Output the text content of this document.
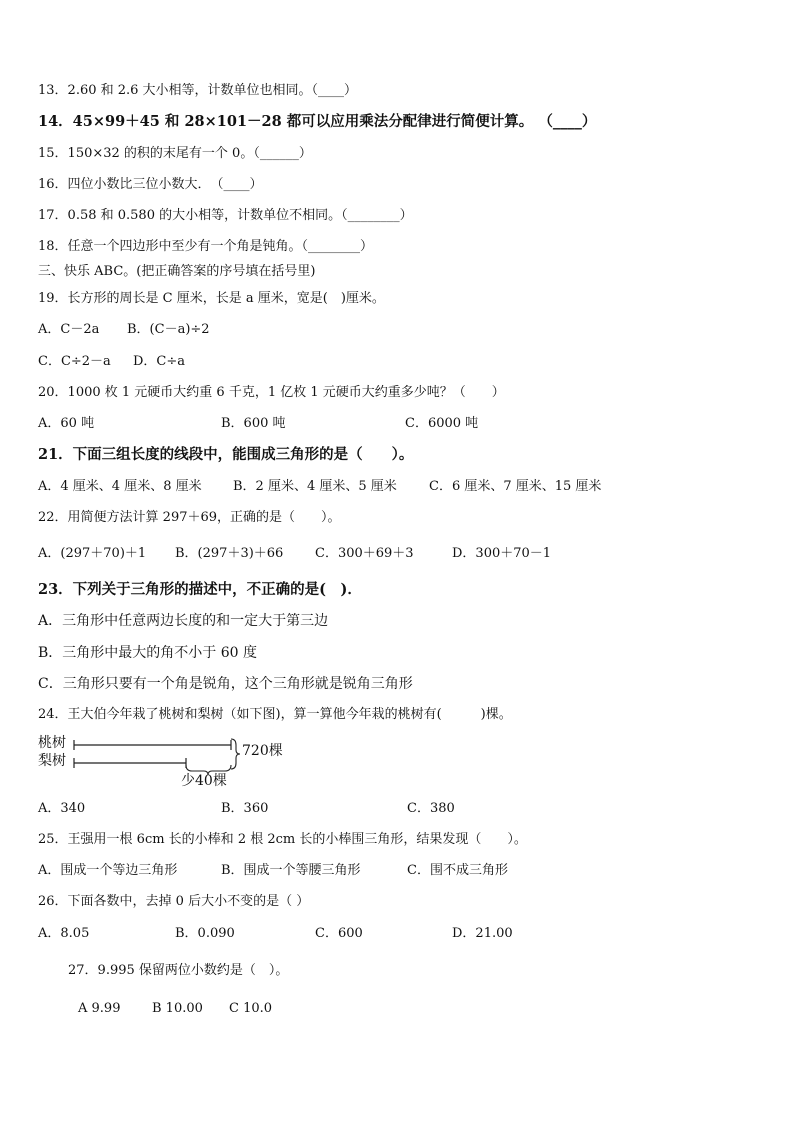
13．2.60 和 2.6 大小相等，计数单位也相同。（____）
14．45×99＋45 和 28×101－28 都可以应用乘法分配律进行简便计算。 （____）
15．150×32 的积的末尾有一个 0。（______）
16．四位小数比三位小数大．　（____）
17．0.58 和 0.580 的大小相等，计数单位不相同。（________）
18．任意一个四边形中至少有一个角是钝角。（________）
三、快乐 ABC。(把正确答案的序号填在括号里)
19．长方形的周长是 C 厘米，长是 a 厘米，宽是(　)厘米。
A．C－2a B．(C－a)÷2
C．C÷2－a D．C÷a
20．1000 枚 1 元硬币大约重 6 千克，1 亿枚 1 元硬币大约重多少吨？（　　）
A．60 吨	B．600 吨	C．6000 吨
21．下面三组长度的线段中，能围成三角形的是（　　）。
A．4 厘米、4 厘米、8 厘米 B．2 厘米、4 厘米、5 厘米 C．6 厘米、7 厘米、15 厘米
22．用简便方法计算 297＋69，正确的是（　　）。
A．(297＋70)＋1 B．(297＋3)＋66 C．300＋69＋3	D．300＋70－1
23．下列关于三角形的描述中，不正确的是(　)．
A．三角形中任意两边长度的和一定大于第三边
B．三角形中最大的角不小于 60 度
C．三角形只要有一个角是锐角，这个三角形就是锐角三角形
24．王大伯今年栽了桃树和梨树（如下图)，算一算他今年栽的桃树有(　　　)棵。
桃树
梨树
720棵
少40棵
A．340	B．360	C．380
25．王强用一根 6cm 长的小棒和 2 根 2cm 长的小棒围三角形，结果发现（　　）。
A．围成一个等边三角形	B．围成一个等腰三角形	C．围不成三角形
26．下面各数中，去掉 0 后大小不变的是（ ）
A．8.05	B．0.090	C．600	D．21.00
27．9.995 保留两位小数约是（　）。
A 9.99 B 10.00 C 10.0
